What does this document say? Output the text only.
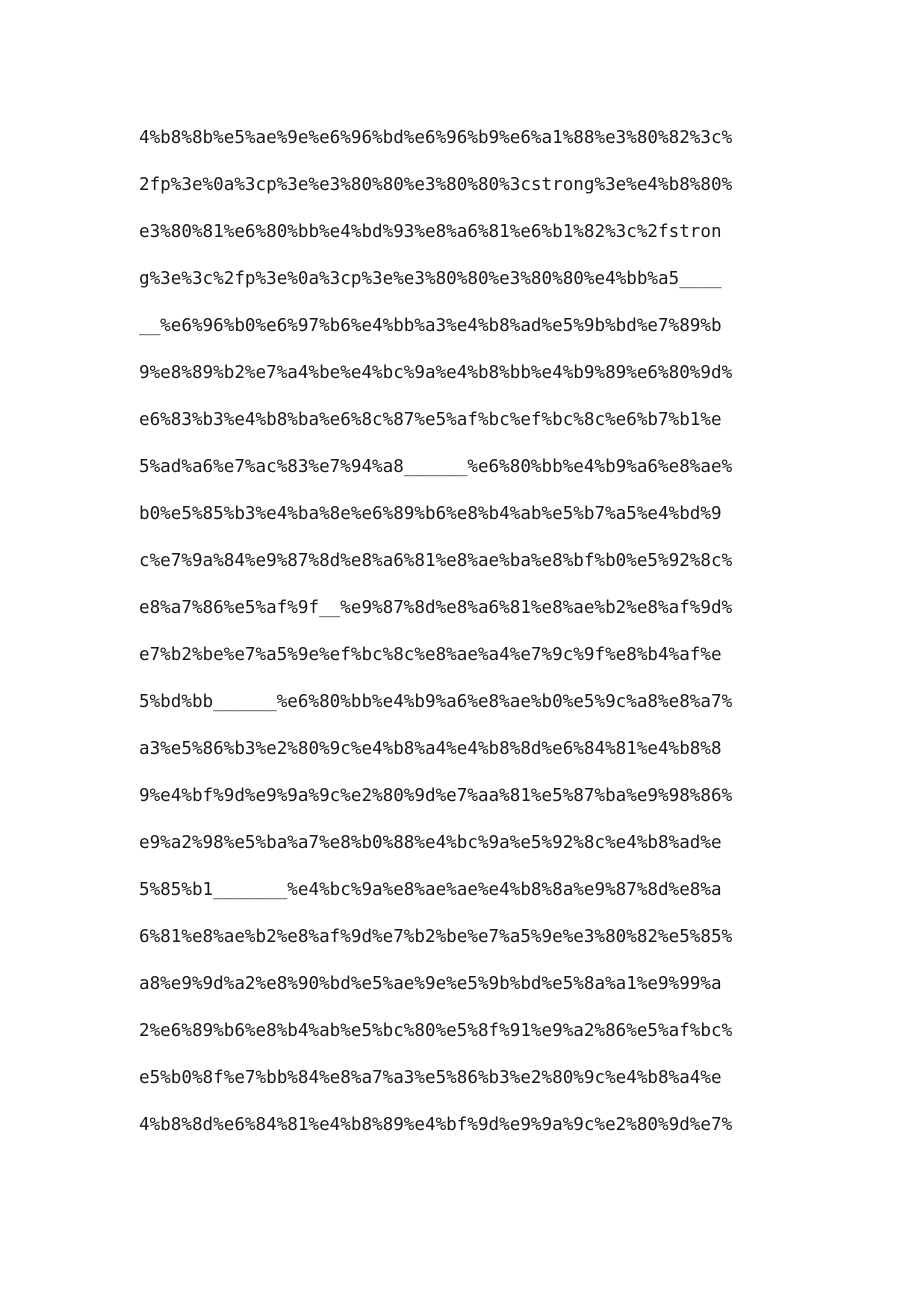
4%b8%8b%e5%ae%9e%e6%96%bd%e6%96%b9%e6%a1%88%e3%80%82%3c%
2fp%3e%0a%3cp%3e%e3%80%80%e3%80%80%3cstrong%3e%e4%b8%80%
e3%80%81%e6%80%bb%e4%bd%93%e8%a6%81%e6%b1%82%3c%2fstron
g%3e%3c%2fp%3e%0a%3cp%3e%e3%80%80%e3%80%80%e4%bb%a5____
__%e6%96%b0%e6%97%b6%e4%bb%a3%e4%b8%ad%e5%9b%bd%e7%89%b
9%e8%89%b2%e7%a4%be%e4%bc%9a%e4%b8%bb%e4%b9%89%e6%80%9d%
e6%83%b3%e4%b8%ba%e6%8c%87%e5%af%bc%ef%bc%8c%e6%b7%b1%e
5%ad%a6%e7%ac%83%e7%94%a8______%e6%80%bb%e4%b9%a6%e8%ae%
b0%e5%85%b3%e4%ba%8e%e6%89%b6%e8%b4%ab%e5%b7%a5%e4%bd%9
c%e7%9a%84%e9%87%8d%e8%a6%81%e8%ae%ba%e8%bf%b0%e5%92%8c%
e8%a7%86%e5%af%9f__%e9%87%8d%e8%a6%81%e8%ae%b2%e8%af%9d%
e7%b2%be%e7%a5%9e%ef%bc%8c%e8%ae%a4%e7%9c%9f%e8%b4%af%e
5%bd%bb______%e6%80%bb%e4%b9%a6%e8%ae%b0%e5%9c%a8%e8%a7%
a3%e5%86%b3%e2%80%9c%e4%b8%a4%e4%b8%8d%e6%84%81%e4%b8%8
9%e4%bf%9d%e9%9a%9c%e2%80%9d%e7%aa%81%e5%87%ba%e9%98%86%
e9%a2%98%e5%ba%a7%e8%b0%88%e4%bc%9a%e5%92%8c%e4%b8%ad%e
5%85%b1_______%e4%bc%9a%e8%ae%ae%e4%b8%8a%e9%87%8d%e8%a
6%81%e8%ae%b2%e8%af%9d%e7%b2%be%e7%a5%9e%e3%80%82%e5%85%
a8%e9%9d%a2%e8%90%bd%e5%ae%9e%e5%9b%bd%e5%8a%a1%e9%99%a
2%e6%89%b6%e8%b4%ab%e5%bc%80%e5%8f%91%e9%a2%86%e5%af%bc%
e5%b0%8f%e7%bb%84%e8%a7%a3%e5%86%b3%e2%80%9c%e4%b8%a4%e
4%b8%8d%e6%84%81%e4%b8%89%e4%bf%9d%e9%9a%9c%e2%80%9d%e7%
